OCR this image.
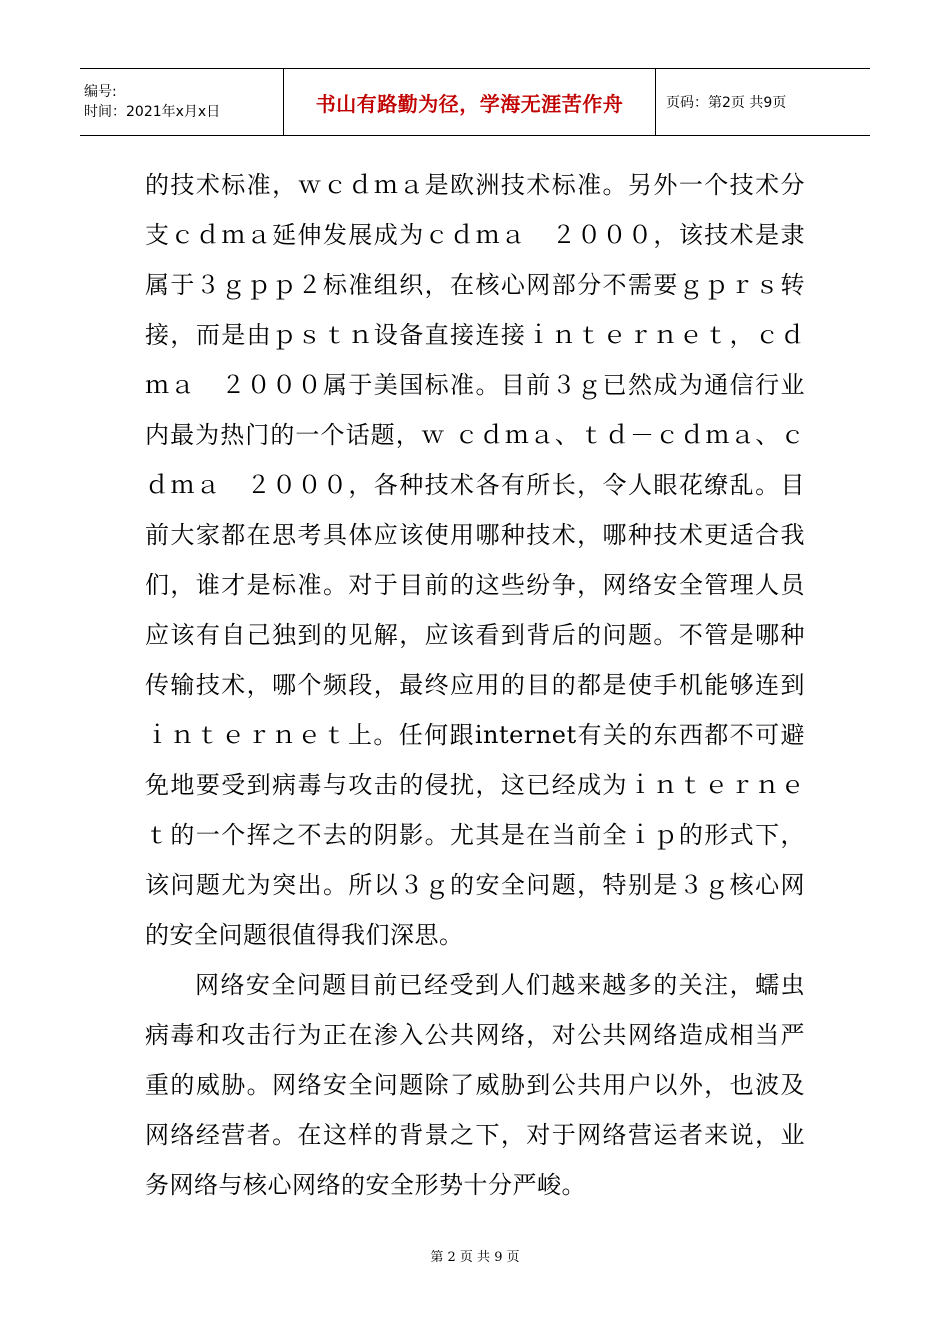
编号:
时间：2021年x月x日	书山有路勤为径，学海无涯苦作舟	页码：第2页 共9页

的技术标准，ｗｃｄｍａ是欧洲技术标准。另外一个技术分支ｃｄｍａ延伸发展成为ｃｄｍａ　２０００，该技术是隶属于３ｇｐｐ２标准组织，在核心网部分不需要ｇｐｒｓ转接，而是由ｐｓｔｎ设备直接连接ｉｎｔｅｒｎｅｔ，ｃｄｍａ　２０００属于美国标准。目前３ｇ已然成为通信行业内最为热门的一个话题，ｗ ｃｄｍａ、ｔｄ－ｃｄｍａ、ｃｄｍａ　２０００，各种技术各有所长，令人眼花缭乱。目前大家都在思考具体应该使用哪种技术，哪种技术更适合我们，谁才是标准。对于目前的这些纷争，网络安全管理人员应该有自己独到的见解，应该看到背后的问题。不管是哪种传输技术，哪个频段，最终应用的目的都是使手机能够连到ｉｎｔｅｒｎｅｔ上。任何跟internet有关的东西都不可避免地要受到病毒与攻击的侵扰，这已经成为ｉｎｔｅｒｎｅｔ的一个挥之不去的阴影。尤其是在当前全ｉｐ的形式下，该问题尤为突出。所以３ｇ的安全问题，特别是３ｇ核心网的安全问题很值得我们深思。

网络安全问题目前已经受到人们越来越多的关注，蠕虫病毒和攻击行为正在渗入公共网络，对公共网络造成相当严重的威胁。网络安全问题除了威胁到公共用户以外，也波及网络经营者。在这样的背景之下，对于网络营运者来说，业务网络与核心网络的安全形势十分严峻。

第 2 页 共 9 页
